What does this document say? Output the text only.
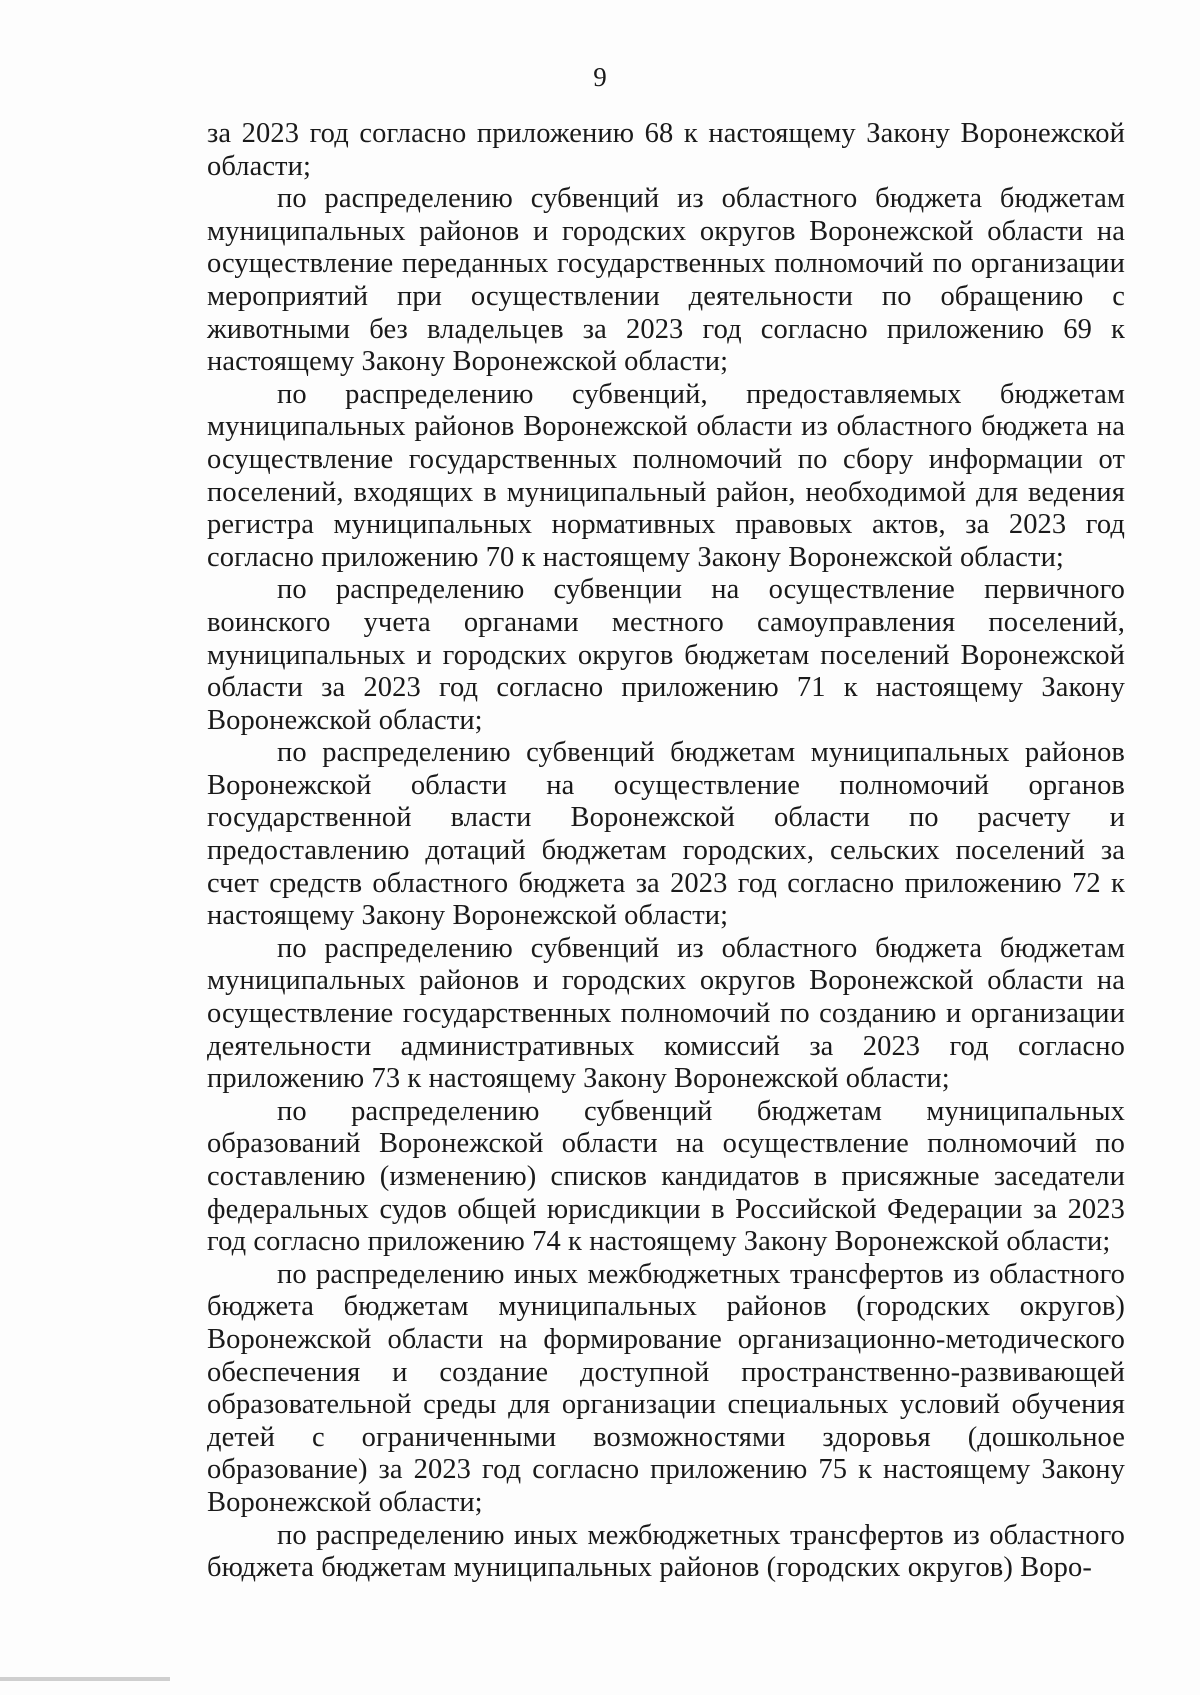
9

за 2023 год согласно приложению 68 к настоящему Закону Воронежской области;

по распределению субвенций из областного бюджета бюджетам муниципальных районов и городских округов Воронежской области на осуществление переданных государственных полномочий по организации мероприятий при осуществлении деятельности по обращению с животными без владельцев за 2023 год согласно приложению 69 к настоящему Закону Воронежской области;

по распределению субвенций, предоставляемых бюджетам муниципальных районов Воронежской области из областного бюджета на осуществление государственных полномочий по сбору информации от поселений, входящих в муниципальный район, необходимой для ведения регистра муниципальных нормативных правовых актов, за 2023 год согласно приложению 70 к настоящему Закону Воронежской области;

по распределению субвенции на осуществление первичного воинского учета органами местного самоуправления поселений, муниципальных и городских округов бюджетам поселений Воронежской области за 2023 год согласно приложению 71 к настоящему Закону Воронежской области;

по распределению субвенций бюджетам муниципальных районов Воронежской области на осуществление полномочий органов государственной власти Воронежской области по расчету и предоставлению дотаций бюджетам городских, сельских поселений за счет средств областного бюджета за 2023 год согласно приложению 72 к настоящему Закону Воронежской области;

по распределению субвенций из областного бюджета бюджетам муниципальных районов и городских округов Воронежской области на осуществление государственных полномочий по созданию и организации деятельности административных комиссий за 2023 год согласно приложению 73 к настоящему Закону Воронежской области;

по распределению субвенций бюджетам муниципальных образований Воронежской области на осуществление полномочий по составлению (изменению) списков кандидатов в присяжные заседатели федеральных судов общей юрисдикции в Российской Федерации за 2023 год согласно приложению 74 к настоящему Закону Воронежской области;

по распределению иных межбюджетных трансфертов из областного бюджета бюджетам муниципальных районов (городских округов) Воронежской области на формирование организационно-методического обеспечения и создание доступной пространственно-развивающей образовательной среды для организации специальных условий обучения детей с ограниченными возможностями здоровья (дошкольное образование) за 2023 год согласно приложению 75 к настоящему Закону Воронежской области;

по распределению иных межбюджетных трансфертов из областного бюджета бюджетам муниципальных районов (городских округов) Воро-
